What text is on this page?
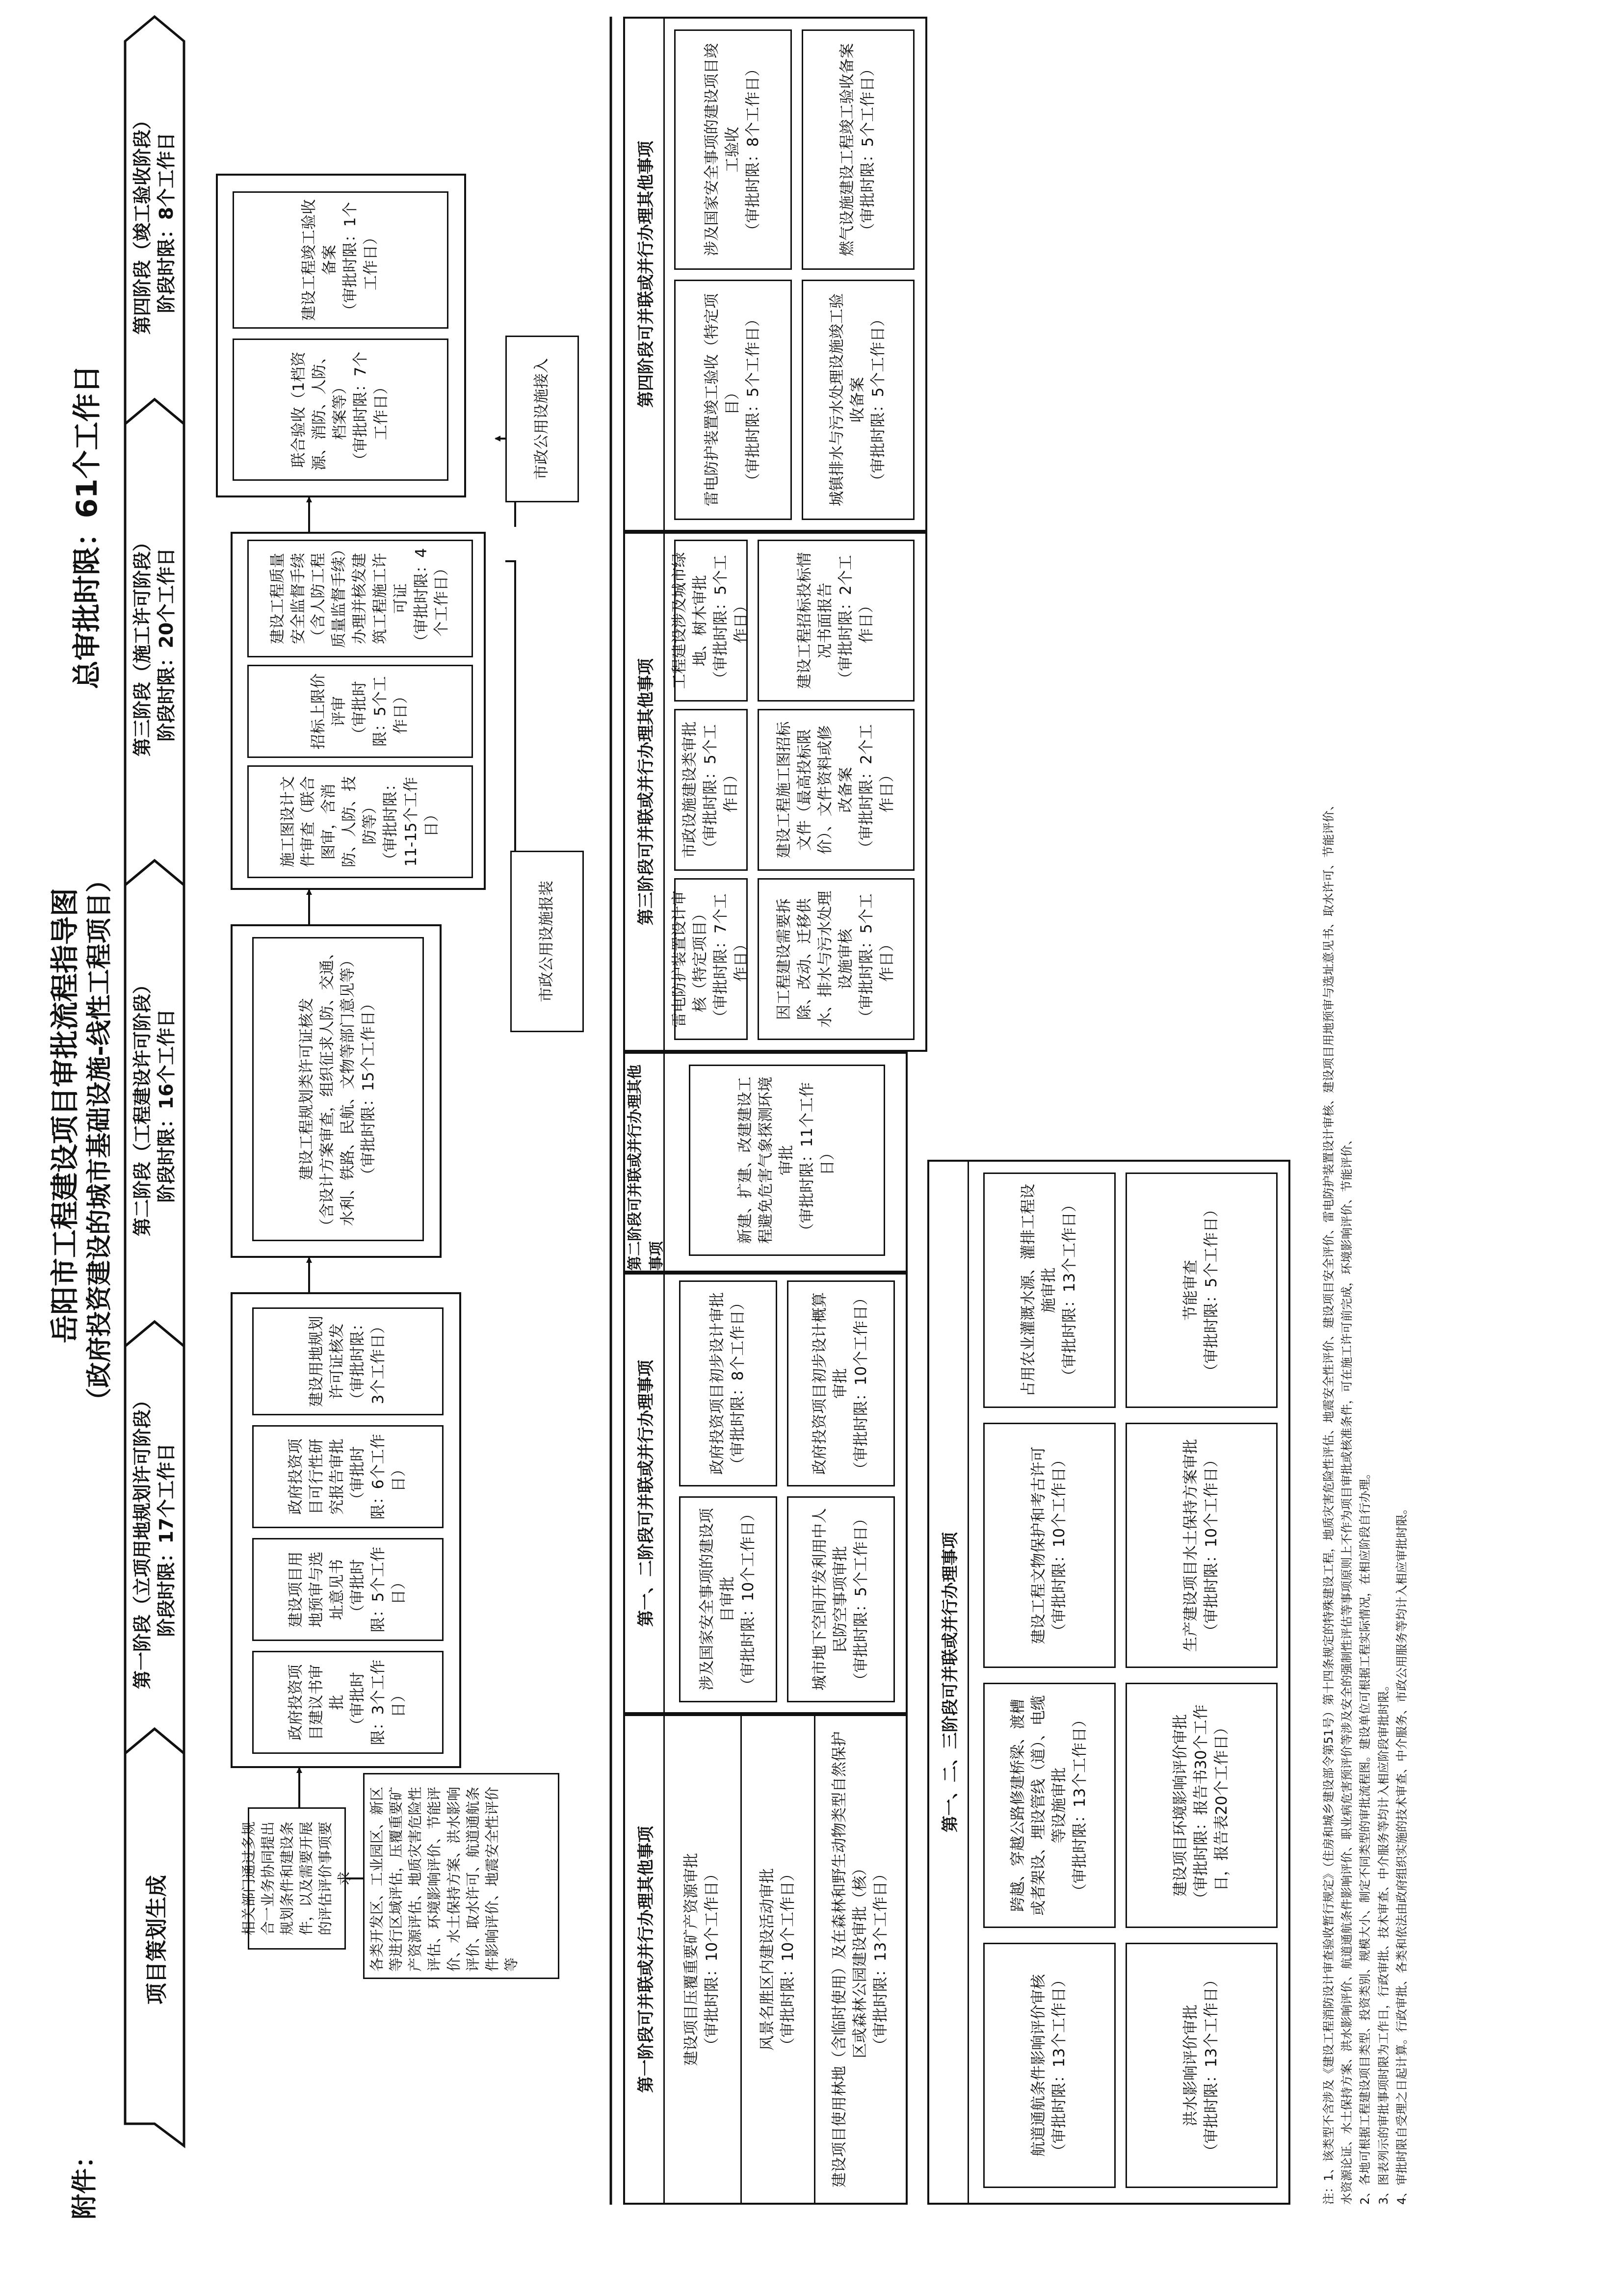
附件：
岳阳市工程建设项目审批流程指导图 （政府投资建设的城市基础设施-线性工程项目）
总审批时限：61个工作日
项目策划生成
第一阶段（立项用地规划许可阶段） 阶段时限：17个工作日
第二阶段（工程建设许可阶段） 阶段时限：16个工作日
第三阶段（施工许可阶段） 阶段时限：20个工作日
第四阶段（竣工验收阶段） 阶段时限：8个工作日
相关部门通过多规合一业务协同提出规划条件和建设条件，以及需要开展的评估评价事项要求	各类开发区、工业园区、新区等进行区域评估，压覆重要矿产资源评估、地质灾害危险性评估、环境影响评价、节能评价、水土保持方案、洪水影响评价、取水许可、航道通航条件影响评价、地震安全性评价等
政府投资项目建议书审批 （审批时限：3个工作日）
建设项目用地预审与选址意见书 （审批时限：5个工作日）
政府投资项目可行性研究报告审批 （审批时限：6个工作日）
建设用地规划许可证核发 （审批时限：3个工作日）
建设工程规划类许可证核发 （含设计方案审查，组织征求人防、交通、水利、铁路、民航、文物等部门意见等） （审批时限：15个工作日）
市政公用设施报装
施工图设计文件审查（联合图审，含消防、人防、技防等） （审批时限：11-15个工作日）
招标上限价评审 （审批时限：5个工作日）
建设工程质量安全监督手续（含人防工程质量监督手续）办理并核发建筑工程施工许可证 （审批时限：4个工作日）
联合验收（1档资源、消防、人防、档案等） （审批时限：7个工作日）
建设工程竣工验收备案 （审批时限：1个工作日）
市政公用设施接入
第一阶段可并联或并行办理其他事项	建设项目压覆重要矿产资源审批 （审批时限：10个工作日） 风景名胜区内建设活动审批 （审批时限：10个工作日） 建设项目使用林地（含临时使用）及在森林和野生动物类型自然保护区或森林公园建设审批（核） （审批时限：13个工作日）
第一、二阶段可并联或并行办理事项	涉及国家安全事项的建设项目审批 （审批时限：10个工作日）	城市地下空间开发利用中人民防空事项审批 （审批时限：5个工作日）
政府投资项目初步设计审批 （审批时限：8个工作日）	政府投资项目初步设计概算审批 （审批时限：10个工作日）
第二阶段可并联或并行办理其他事项
新建、扩建、改建建设工程避免危害气象探测环境审批 （审批时限：11个工作日）
第三阶段可并联或并行办理其他事项
雷电防护装置设计审核（特定项目） （审批时限：7个工作日）
市政设施建设类审批 （审批时限：5个工作日）
工程建设涉及城市绿地、树木审批 （审批时限：5个工作日）
因工程建设需要拆除、改动、迁移供水、排水与污水处理设施审核 （审批时限：5个工作日）
建设工程施工图招标文件（最高投标限价）、文件资料或修改备案 （审批时限：2个工作日）
建设工程招标投标情况书面报告 （审批时限：2个工作日）
第四阶段可并联或并行办理其他事项	雷电防护装置竣工验收（特定项目） （审批时限：5个工作日）
涉及国家安全事项的建设项目竣工验收 （审批时限：8个工作日）
城镇排水与污水处理设施竣工验收备案 （审批时限：5个工作日）
燃气设施建设工程竣工验收备案 （审批时限：5个工作日）
第一、二、三阶段可并联或并行办理事项
航道通航条件影响评价审核 （审批时限：13个工作日）	洪水影响评价审批 （审批时限：13个工作日）
跨越、穿越公路修建桥梁、渡槽或者架设、埋设管线（道）、电缆等设施审批 （审批时限：13个工作日）	建设项目环境影响评价审批 （审批时限：报告书30个工作日，报告表20个工作日）
建设工程文物保护和考古许可 （审批时限：10个工作日）	生产建设项目水土保持方案审批 （审批时限：10个工作日）
占用农业灌溉水源、灌排工程设施审批 （审批时限：13个工作日）	节能审查 （审批时限：5个工作日）	注：1、该类型不含涉及《建设工程消防设计审查验收暂行规定》（住房和城乡建设部令第51号）第十四条规定的特殊建设工程，地质灾害危险性评估、地震安全性评价、建设项目安全评价、雷电防护装置设计审核、建设项目用地预审与选址意见书、取水许可、节能评价、 水资源论证、水土保持方案、洪水影响评价、航道通航条件影响评价、职业病危害预评价等涉及安全的强制性评估等事项原则上不作为项目审批或核准条件，可在施工许可前完成，环境影响评价、节能评价、 2、各地可根据工程建设项目类型、投资类别、规模大小、制定不同类型的审批流程图。建设单位可根据工程实际情况，在相应阶段自行办理。 3、图表列示的审批事项时限为工作日，行政审批、技术审查、中介服务等均计入相应阶段审批时限。 4、审批时限自受理之日起计算。行政审批、各类和依法由政府组织实施的技术审查、中介服务、市政公用服务等均计入相应审批时限。
